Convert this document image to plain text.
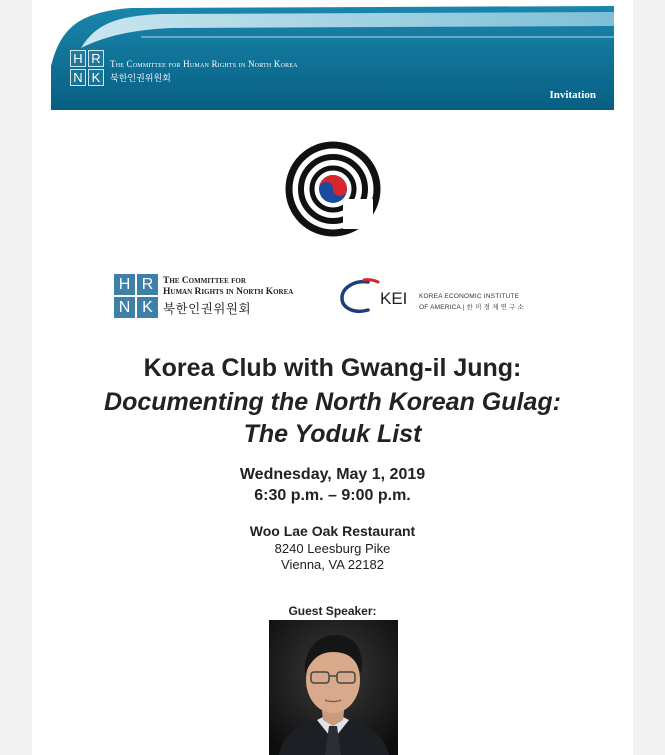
H R
N K
The Committee for Human Rights in North Korea
북한인권위원회
Invitation
H R
N K
The Committee for
Human Rights in North Korea
북한인권위원회
KEI KOREA ECONOMIC INSTITUTE
OF AMERICA | 한 미 경 제 연 구 소
Korea Club with Gwang-il Jung:
Documenting the North Korean Gulag:
The Yoduk List
Wednesday, May 1, 2019
6:30 p.m. – 9:00 p.m.
Woo Lae Oak Restaurant
8240 Leesburg Pike
Vienna, VA 22182
Guest Speaker:
